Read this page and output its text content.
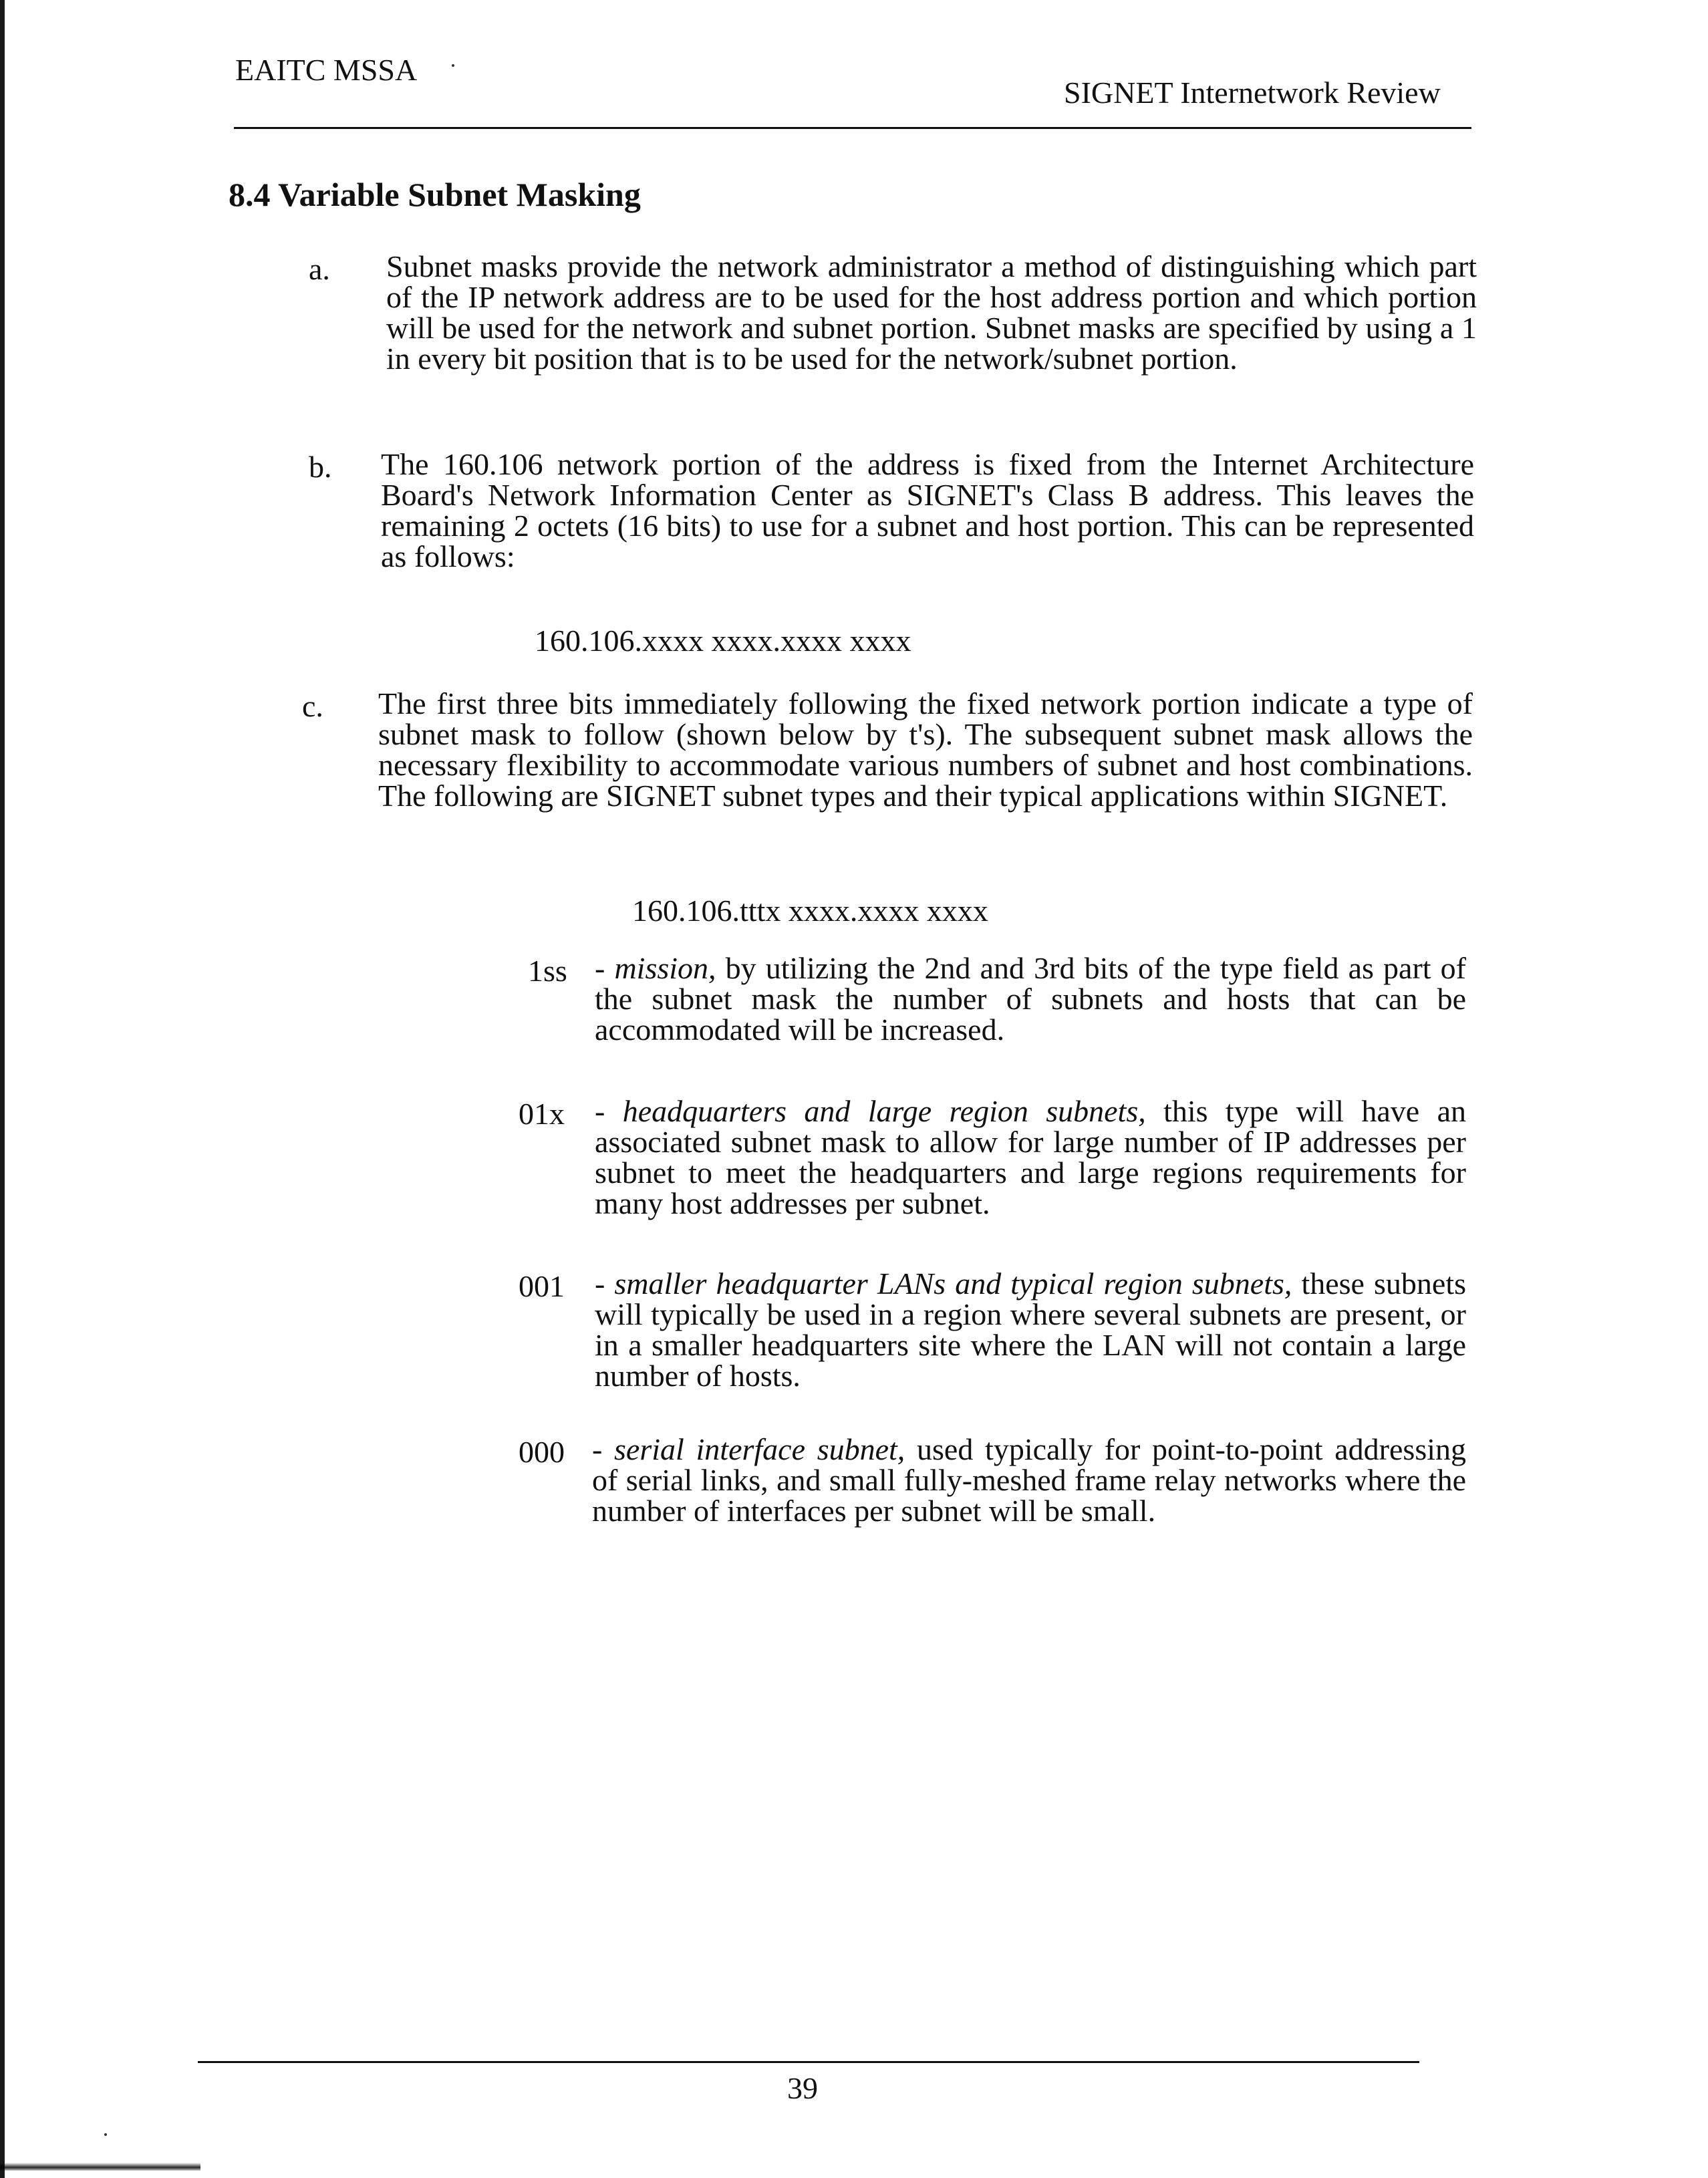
EAITC MSSA
SIGNET Internetwork Review
8.4 Variable Subnet Masking
a. Subnet masks provide the network administrator a method of distinguishing which part of the IP network address are to be used for the host address portion and which portion will be used for the network and subnet portion. Subnet masks are specified by using a 1 in every bit position that is to be used for the network/subnet portion.
b. The 160.106 network portion of the address is fixed from the Internet Architecture Board's Network Information Center as SIGNET's Class B address. This leaves the remaining 2 octets (16 bits) to use for a subnet and host portion. This can be represented as follows:
160.106.xxxx xxxx.xxxx xxxx
c. The first three bits immediately following the fixed network portion indicate a type of subnet mask to follow (shown below by t's). The subsequent subnet mask allows the necessary flexibility to accommodate various numbers of subnet and host combinations. The following are SIGNET subnet types and their typical applications within SIGNET.
160.106.tttx xxxx.xxxx xxxx
1ss - mission, by utilizing the 2nd and 3rd bits of the type field as part of the subnet mask the number of subnets and hosts that can be accommodated will be increased.
01x - headquarters and large region subnets, this type will have an associated subnet mask to allow for large number of IP addresses per subnet to meet the headquarters and large regions requirements for many host addresses per subnet.
001 - smaller headquarter LANs and typical region subnets, these subnets will typically be used in a region where several subnets are present, or in a smaller headquarters site where the LAN will not contain a large number of hosts.
000 - serial interface subnet, used typically for point-to-point addressing of serial links, and small fully-meshed frame relay networks where the number of interfaces per subnet will be small.
39
